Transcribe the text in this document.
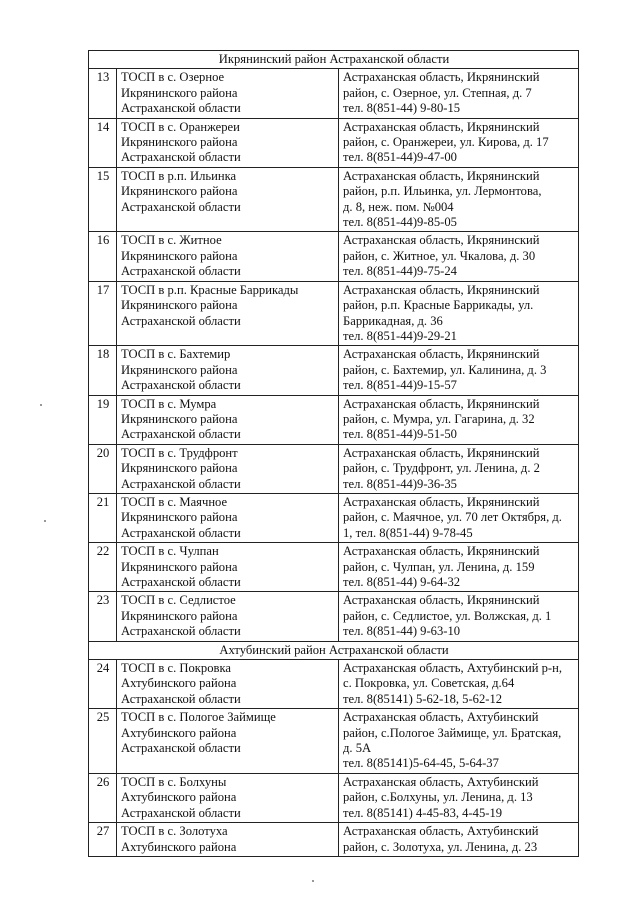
Икрянинский район Астраханской области		
13	ТОСП в с. Озерное
Икрянинского района
Астраханской области	Астраханская область, Икрянинский
район, с. Озерное, ул. Степная, д. 7
тел. 8(851-44) 9-80-15

14	ТОСП в с. Оранжереи
Икрянинского района
Астраханской области	Астраханская область, Икрянинский
район, с. Оранжереи, ул. Кирова, д. 17
тел. 8(851-44)9-47-00

15	ТОСП в р.п. Ильинка
Икрянинского района
Астраханской области	Астраханская область, Икрянинский
район, р.п. Ильинка, ул. Лермонтова,
д. 8, неж. пом. №004
тел. 8(851-44)9-85-05

16	ТОСП в с. Житное
Икрянинского района
Астраханской области	Астраханская область, Икрянинский
район, с. Житное, ул. Чкалова, д. 30
тел. 8(851-44)9-75-24

17	ТОСП в р.п. Красные Баррикады
Икрянинского района
Астраханской области	Астраханская область, Икрянинский
район, р.п. Красные Баррикады, ул.
Баррикадная, д. 36
тел. 8(851-44)9-29-21

18	ТОСП в с. Бахтемир
Икрянинского района
Астраханской области	Астраханская область, Икрянинский
район, с. Бахтемир, ул. Калинина, д. 3
тел. 8(851-44)9-15-57

19	ТОСП в с. Мумра
Икрянинского района
Астраханской области	Астраханская область, Икрянинский
район, с. Мумра, ул. Гагарина, д. 32
тел. 8(851-44)9-51-50

20	ТОСП в с. Трудфронт
Икрянинского района
Астраханской области	Астраханская область, Икрянинский
район, с. Трудфронт, ул. Ленина, д. 2
тел. 8(851-44)9-36-35

21	ТОСП в с. Маячное
Икрянинского района
Астраханской области	Астраханская область, Икрянинский
район, с. Маячное, ул. 70 лет Октября, д.
1, тел. 8(851-44) 9-78-45

22	ТОСП в с. Чулпан
Икрянинского района
Астраханской области	Астраханская область, Икрянинский
район, с. Чулпан, ул. Ленина, д. 159
тел. 8(851-44) 9-64-32

23	ТОСП в с. Седлистое
Икрянинского района
Астраханской области	Астраханская область, Икрянинский
район, с. Седлистое, ул. Волжская, д. 1
тел. 8(851-44) 9-63-10

Ахтубинский район Астраханской области		
24	ТОСП в с. Покровка
Ахтубинского района
Астраханской области	Астраханская область, Ахтубинский р-н,
с. Покровка, ул. Советская, д.64
тел. 8(85141) 5-62-18, 5-62-12

25	ТОСП в с. Пологое Займище
Ахтубинского района
Астраханской области	Астраханская область, Ахтубинский
район, с.Пологое Займище, ул. Братская,
д. 5А
тел. 8(85141)5-64-45, 5-64-37

26	ТОСП в с. Болхуны
Ахтубинского района
Астраханской области	Астраханская область, Ахтубинский
район, с.Болхуны, ул. Ленина, д. 13
тел. 8(85141) 4-45-83, 4-45-19

27	ТОСП в с. Золотуха
Ахтубинского района	Астраханская область, Ахтубинский
район, с. Золотуха, ул. Ленина, д. 23
